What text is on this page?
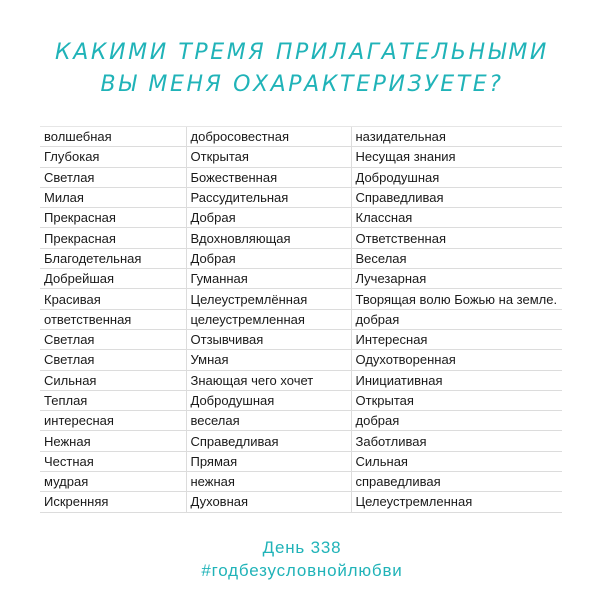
КАКИМИ ТРЕМЯ ПРИЛАГАТЕЛЬНЫМИ
ВЫ МЕНЯ ОХАРАКТЕРИЗУЕТЕ?
волшебная	добросовестная	назидательная
Глубокая	Открытая	Несущая знания
Светлая	Божественная	Добродушная
Милая	Рассудительная	Справедливая
Прекрасная	Добрая	Классная
Прекрасная	Вдохновляющая	Ответственная
Благодетельная	Добрая	Веселая
Добрейшая	Гуманная	Лучезарная
Красивая	Целеустремлённая	Творящая волю Божью на земле.
ответственная	целеустремленная	добрая
Светлая	Отзывчивая	Интересная
Светлая	Умная	Одухотворенная
Сильная	Знающая чего хочет	Инициативная
Теплая	Добродушная	Открытая
интересная	веселая	добрая
Нежная	Справедливая	Заботливая
Честная	Прямая	Сильная
мудрая	нежная	справедливая
Искренняя	Духовная	Целеустремленная
День 338
#годбезусловнойлюбви
